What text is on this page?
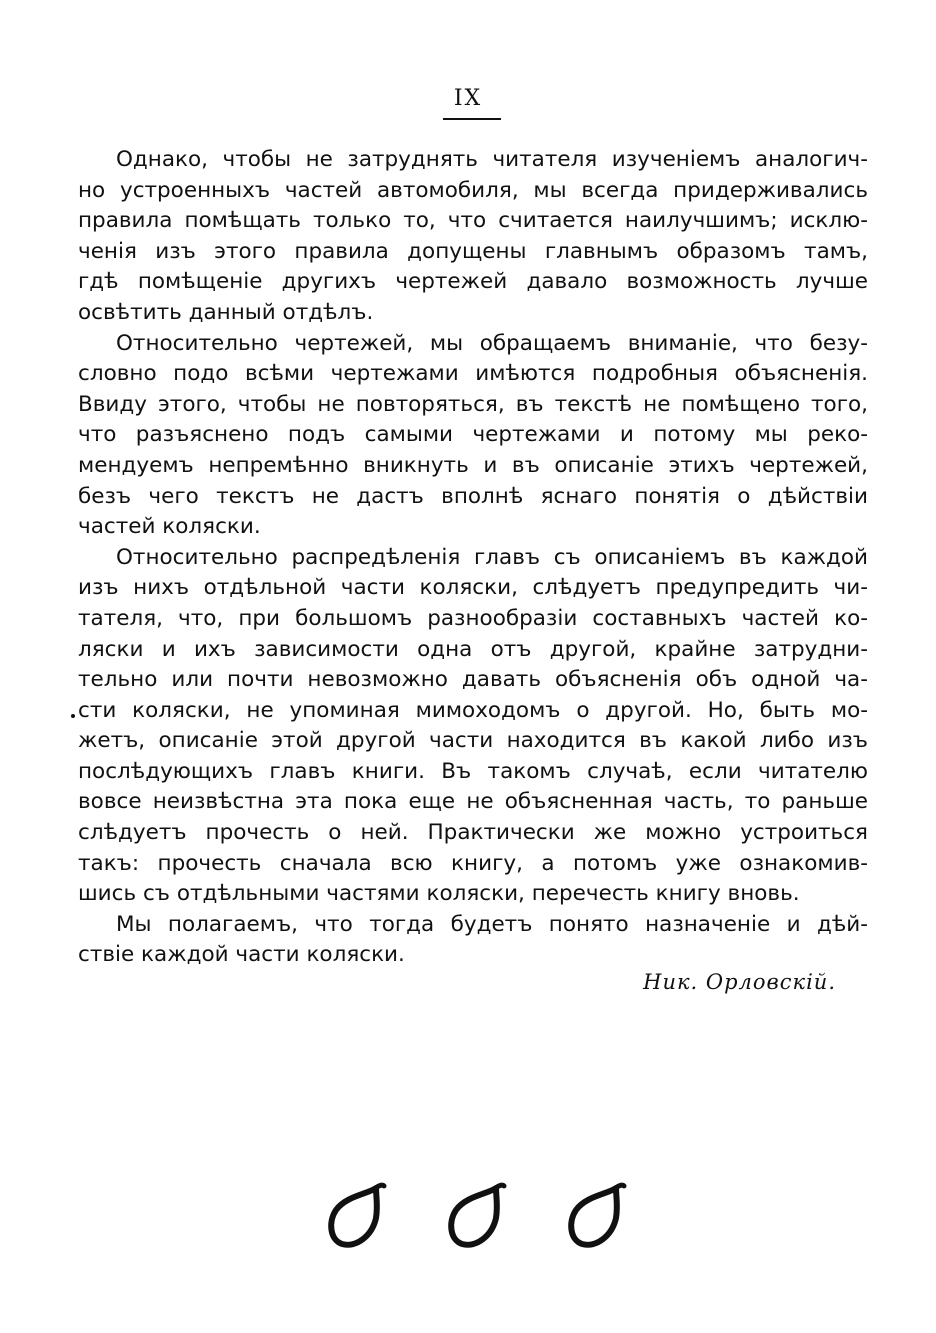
IX
Однако, чтобы не затруднять читателя изученіемъ аналогич-
но устроенныхъ частей автомобиля, мы всегда придерживались
правила помѣщать только то, что считается наилучшимъ; исклю-
ченія изъ этого правила допущены главнымъ образомъ тамъ,
гдѣ помѣщеніе другихъ чертежей давало возможность лучше
освѣтить данный отдѣлъ.
Относительно чертежей, мы обращаемъ вниманіе, что безу-
словно подо всѣми чертежами имѣются подробныя объясненія.
Ввиду этого, чтобы не повторяться, въ текстѣ не помѣщено того,
что разъяснено подъ самыми чертежами и потому мы реко-
мендуемъ непремѣнно вникнуть и въ описаніе этихъ чертежей,
безъ чего текстъ не дастъ вполнѣ яснаго понятія о дѣйствіи
частей коляски.
Относительно распредѣленія главъ съ описаніемъ въ каждой
изъ нихъ отдѣльной части коляски, слѣдуетъ предупредить чи-
тателя, что, при большомъ разнообразіи составныхъ частей ко-
ляски и ихъ зависимости одна отъ другой, крайне затрудни-
тельно или почти невозможно давать объясненія объ одной ча-
сти коляски, не упоминая мимоходомъ о другой. Но, быть мо-
жетъ, описаніе этой другой части находится въ какой либо изъ
послѣдующихъ главъ книги. Въ такомъ случаѣ, если читателю
вовсе неизвѣстна эта пока еще не объясненная часть, то раньше
слѣдуетъ прочесть о ней. Практически же можно устроиться
такъ: прочесть сначала всю книгу, а потомъ уже ознакомив-
шись съ отдѣльными частями коляски, перечесть книгу вновь.
Мы полагаемъ, что тогда будетъ понято назначеніе и дѣй-
ствіе каждой части коляски.
Ник. Орловскій.
